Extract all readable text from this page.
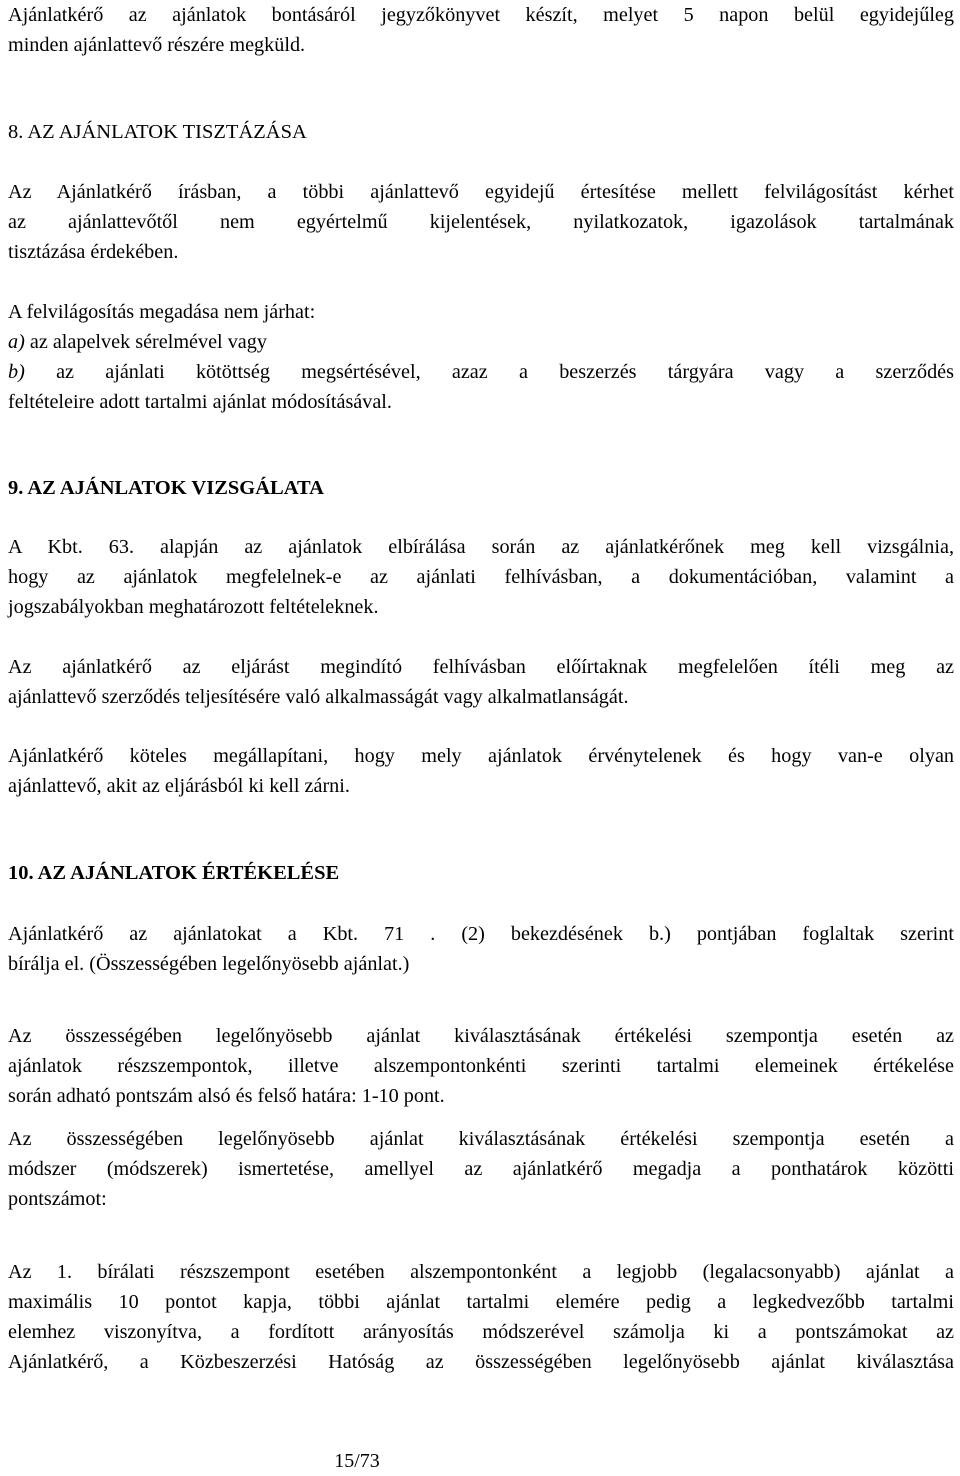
Ajánlatkérő az ajánlatok bontásáról jegyzőkönyvet készít, melyet 5 napon belül egyidejűleg
minden ajánlattevő részére megküld.

8. AZ AJÁNLATOK TISZTÁZÁSA

Az Ajánlatkérő írásban, a többi ajánlattevő egyidejű értesítése mellett felvilágosítást kérhet
az ajánlattevőtől nem egyértelmű kijelentések, nyilatkozatok, igazolások tartalmának
tisztázása érdekében.

A felvilágosítás megadása nem járhat:
a) az alapelvek sérelmével vagy
b) az ajánlati kötöttség megsértésével, azaz a beszerzés tárgyára vagy a szerződés
feltételeire adott tartalmi ajánlat módosításával.

9. AZ AJÁNLATOK VIZSGÁLATA

A Kbt. 63. alapján az ajánlatok elbírálása során az ajánlatkérőnek meg kell vizsgálnia,
hogy az ajánlatok megfelelnek-e az ajánlati felhívásban, a dokumentációban, valamint a
jogszabályokban meghatározott feltételeknek.

Az ajánlatkérő az eljárást megindító felhívásban előírtaknak megfelelően ítéli meg az
ajánlattevő szerződés teljesítésére való alkalmasságát vagy alkalmatlanságát.

Ajánlatkérő köteles megállapítani, hogy mely ajánlatok érvénytelenek és hogy van-e olyan
ajánlattevő, akit az eljárásból ki kell zárni.

10. AZ AJÁNLATOK ÉRTÉKELÉSE

Ajánlatkérő az ajánlatokat a Kbt. 71 . (2) bekezdésének b.) pontjában foglaltak szerint
bírálja el. (Összességében legelőnyösebb ajánlat.)

Az összességében legelőnyösebb ajánlat kiválasztásának értékelési szempontja esetén az
ajánlatok részszempontok, illetve alszempontonkénti szerinti tartalmi elemeinek értékelése
során adható pontszám alsó és felső határa: 1-10 pont.

Az összességében legelőnyösebb ajánlat kiválasztásának értékelési szempontja esetén a
módszer (módszerek) ismertetése, amellyel az ajánlatkérő megadja a ponthatárok közötti
pontszámot:

Az 1. bírálati részszempont esetében alszempontonként a legjobb (legalacsonyabb) ajánlat a
maximális 10 pontot kapja, többi ajánlat tartalmi elemére pedig a legkedvezőbb tartalmi
elemhez viszonyítva, a fordított arányosítás módszerével számolja ki a pontszámokat az
Ajánlatkérő, a Közbeszerzési Hatóság az összességében legelőnyösebb ajánlat kiválasztása

15/73
